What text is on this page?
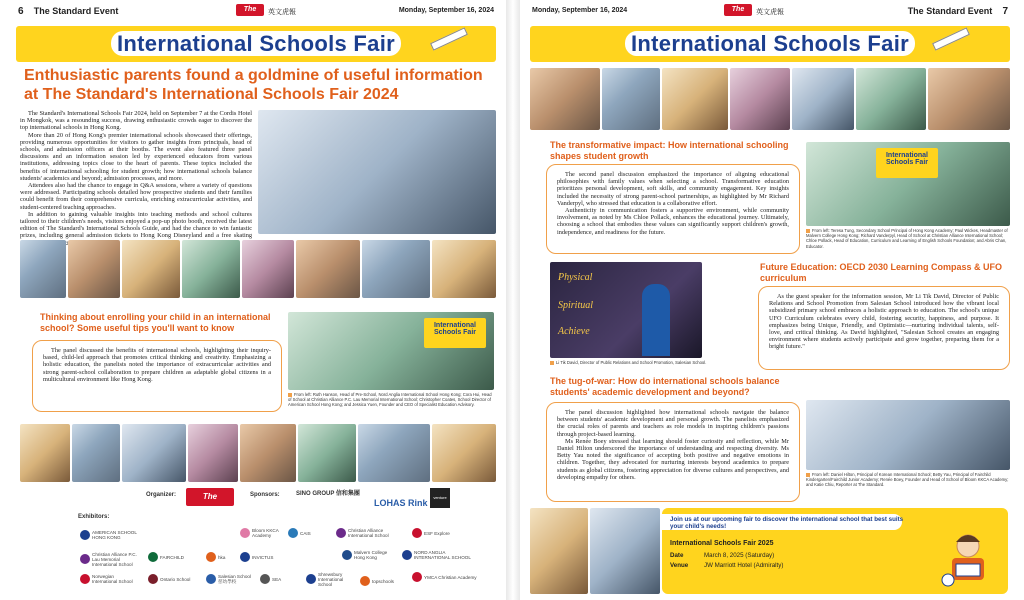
6 The Standard Event	The Standard
英文虎報	Monday, September 16, 2024
International Schools Fair
Enthusiastic parents found a goldmine of useful information at The Standard's International Schools Fair 2024

The Standard's International Schools Fair 2024, held on September 7 at the Cordis Hotel in Mongkok, was a resounding success, drawing enthusiastic crowds eager to discover the top international schools in Hong Kong.

More than 20 of Hong Kong's premier international schools showcased their offerings, providing numerous opportunities for visitors to gather insights from principals, head of schools, and admission officers at their booths. The event also featured three panel discussions and an information session led by experienced educators from various institutions, addressing topics close to the heart of parents. These topics included the benefits of international schooling for student growth; how international schools balance students' academics and beyond; admission processes, and more.

Attendees also had the chance to engage in Q&A sessions, where a variety of questions were addressed. Participating schools detailed how prospective students and their families could benefit from their comprehensive curricula, enriching extracurricular activities, and student-centered teaching approaches.

In addition to gaining valuable insights into teaching methods and school cultures tailored to their children's needs, visitors enjoyed a pop-up photo booth, received the latest edition of The Standard's International Schools Guide, and had the chance to win fantastic prizes, including general admission tickets to Hong Kong Disneyland and a free skating

Thinking about enrolling your child in an international school? Some useful tips you'll want to know

The panel discussed the benefits of international schools, highlighting their inquiry-based, child-led approach that promotes critical thinking and creativity. Emphasizing a holistic education, the panelists noted the importance of extracurricular activities and strong parent-school collaboration to prepare children as adaptable global citizens in a multicultural environment like Hong Kong.

International Schools Fair
From left: Ruth Hanson, Head of Pre-School, Nord Anglia International School Hong Kong; Cora Hui, Head of School at Christian Alliance P.C. Lau Memorial International School; Christopher Coates, School Director of American School Hong Kong; and Jessica Yuen, Founder and CEO of Specialist Education Advisory.
Organizer:	The Standard
Sponsors:	SINO GROUP 信和集團
LOHAS Rink
venture
Exhibitors:
AMERICAN SCHOOL HONG KONG
Christian Alliance P.C. Lau Memorial International School
FAIRCHILD	hka	INVICTUS
Malvern College Hong Kong
Norwegian International School	Ontario School	Salesian School 慈幼學校	SEA
Shrewsbury International School
topschools
YMCA Christian Academy
ESF Explore
NORD ANGLIA INTERNATIONAL SCHOOL
CAIS
Bloom KKCA Academy
Christian Alliance International School
Monday, September 16, 2024	The Standard
英文虎報	The Standard Event 7
International Schools Fair
The transformative impact: How international schooling shapes student growth

The second panel discussion emphasized the importance of aligning educational philosophies with family values when selecting a school. Transformative education prioritizes personal development, soft skills, and community engagement. Key insights included the necessity of strong parent-school partnerships, as highlighted by Mr Richard Vanderpyl, who stressed that education is a collaborative effort.

Authenticity in communication fosters a supportive environment, while community involvement, as noted by Ms Chloe Pollack, enhances the educational journey. Ultimately, choosing a school that embodies these values can significantly support children's growth, independence, and readiness for the future.

International Schools Fair
From left: Teresa Tung, Secondary School Principal of Hong Kong Academy; Paul Wickes, Headmaster of Malvern College Hong Kong; Richard Vanderpyl, Head of School at Christian Alliance International School; Chloe Pollack, Head of Education, Curriculum and Learning of English Schools Foundation; and Abris Chan, Educator.
Physical
Spiritual
Achieve
Li Tik David, Director of Public Relations and School Promotion, Salesian School.
Future Education: OECD 2030 Learning Compass & UFO curriculum

As the guest speaker for the information session, Mr Li Tik David, Director of Public Relations and School Promotion from Salesian School introduced how the vibrant local subsidized primary school embraces a holistic approach to education. The school's unique UFO Curriculum celebrates every child, fostering security, happiness, and purpose. It emphasizes being Unique, Friendly, and Optimistic—nurturing individual talents, self-love, and critical thinking. As David highlighted, "Salesian School creates an engaging environment where students actively participate and grow together, preparing them for a bright future."

The tug-of-war: How do international schools balance students' academic development and beyond?

The panel discussion highlighted how international schools navigate the balance between students' academic development and personal growth. The panelists emphasized the crucial roles of parents and teachers as role models in inspiring children's passions through project-based learning.

Ms Renée Boey stressed that learning should foster curiosity and reflection, while Mr Daniel Hilton underscored the importance of understanding and respecting diversity. Ms Betty Yau noted the significance of accepting both positive and negative emotions in children. Together, they advocated for nurturing interests beyond academics to prepare students as global citizens, fostering appreciation for diverse cultures and perspectives, and developing empathy for others.	From left: Daniel Hilton, Principal of Korean International School; Betty Yau, Principal of Fairchild Kindergarten/Fairchild Junior Academy; Renée Boey, Founder and Head of School of Bloom KKCA Academy; and Katie Chiu, Reporter at The Standard.
Join us at our upcoming fair to discover the international school that best suits your child's needs!
International Schools Fair 2025
Date	March 8, 2025 (Saturday)
Venue	JW Marriott Hotel (Admiralty)
